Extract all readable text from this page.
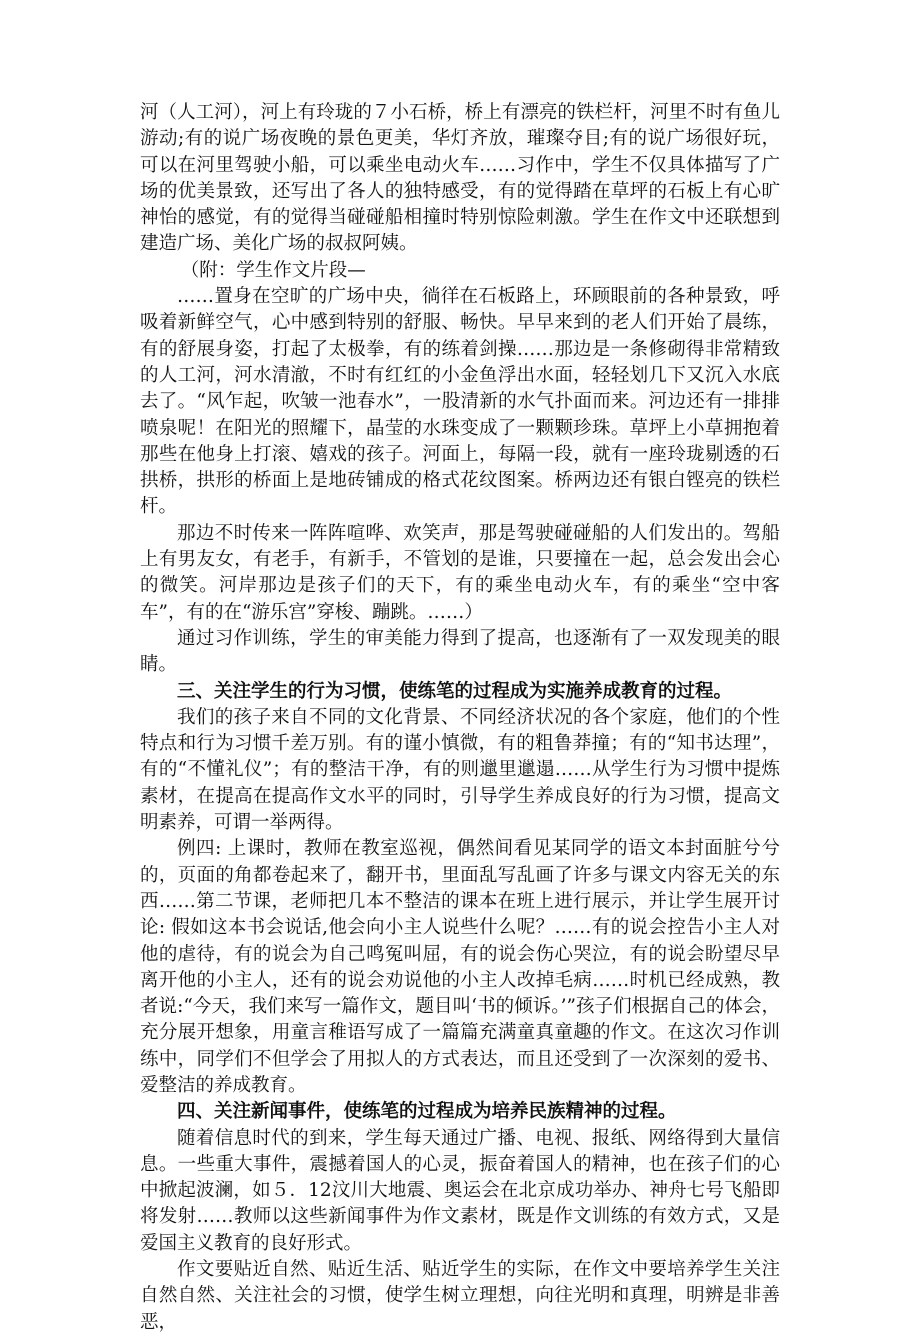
河（人工河），河上有玲珑的７小石桥，桥上有漂亮的铁栏杆，河里不时有鱼儿游动;有的说广场夜晚的景色更美，华灯齐放，璀璨夺目;有的说广场很好玩，可以在河里驾驶小船，可以乘坐电动火车……习作中，学生不仅具体描写了广场的优美景致，还写出了各人的独特感受，有的觉得踏在草坪的石板上有心旷神怡的感觉，有的觉得当碰碰船相撞时特别惊险刺激。学生在作文中还联想到建造广场、美化广场的叔叔阿姨。

（附：学生作文片段—

……置身在空旷的广场中央，徜徉在石板路上，环顾眼前的各种景致，呼吸着新鲜空气，心中感到特别的舒服、畅快。早早来到的老人们开始了晨练，有的舒展身姿，打起了太极拳，有的练着剑操……那边是一条修砌得非常精致的人工河，河水清澈，不时有红红的小金鱼浮出水面，轻轻划几下又沉入水底去了。“风乍起，吹皱一池春水”，一股清新的水气扑面而来。河边还有一排排喷泉呢！在阳光的照耀下，晶莹的水珠变成了一颗颗珍珠。草坪上小草拥抱着那些在他身上打滚、嬉戏的孩子。河面上，每隔一段，就有一座玲珑剔透的石拱桥，拱形的桥面上是地砖铺成的格式花纹图案。桥两边还有银白铿亮的铁栏杆。

那边不时传来一阵阵喧哗、欢笑声，那是驾驶碰碰船的人们发出的。驾船上有男友女，有老手，有新手，不管划的是谁，只要撞在一起，总会发出会心的微笑。河岸那边是孩子们的天下，有的乘坐电动火车，有的乘坐“空中客车”，有的在“游乐宫”穿梭、蹦跳。……）

通过习作训练，学生的审美能力得到了提高，也逐渐有了一双发现美的眼睛。

三、关注学生的行为习惯，使练笔的过程成为实施养成教育的过程。

我们的孩子来自不同的文化背景、不同经济状况的各个家庭，他们的个性特点和行为习惯千差万别。有的谨小慎微，有的粗鲁莽撞；有的“知书达理”，有的“不懂礼仪”；有的整洁干净，有的则邋里邋遢……从学生行为习惯中提炼素材，在提高在提高作文水平的同时，引导学生养成良好的行为习惯，提高文明素养，可谓一举两得。

例四: 上课时，教师在教室巡视，偶然间看见某同学的语文本封面脏兮兮的，页面的角都卷起来了，翻开书，里面乱写乱画了许多与课文内容无关的东西……第二节课，老师把几本不整洁的课本在班上进行展示，并让学生展开讨论: 假如这本书会说话,他会向小主人说些什么呢？……有的说会控告小主人对他的虐待，有的说会为自己鸣冤叫屈，有的说会伤心哭泣，有的说会盼望尽早离开他的小主人，还有的说会劝说他的小主人改掉毛病……时机已经成熟，教者说:“今天，我们来写一篇作文，题目叫‘书的倾诉。’”孩子们根据自己的体会，充分展开想象，用童言稚语写成了一篇篇充满童真童趣的作文。在这次习作训练中，同学们不但学会了用拟人的方式表达，而且还受到了一次深刻的爱书、爱整洁的养成教育。

四、关注新闻事件，使练笔的过程成为培养民族精神的过程。

随着信息时代的到来，学生每天通过广播、电视、报纸、网络得到大量信息。一些重大事件，震撼着国人的心灵，振奋着国人的精神，也在孩子们的心中掀起波澜，如５．12汶川大地震、奥运会在北京成功举办、神舟七号飞船即将发射……教师以这些新闻事件为作文素材，既是作文训练的有效方式，又是爱国主义教育的良好形式。

作文要贴近自然、贴近生活、贴近学生的实际，在作文中要培养学生关注自然自然、关注社会的习惯，使学生树立理想，向往光明和真理，明辨是非善恶，
